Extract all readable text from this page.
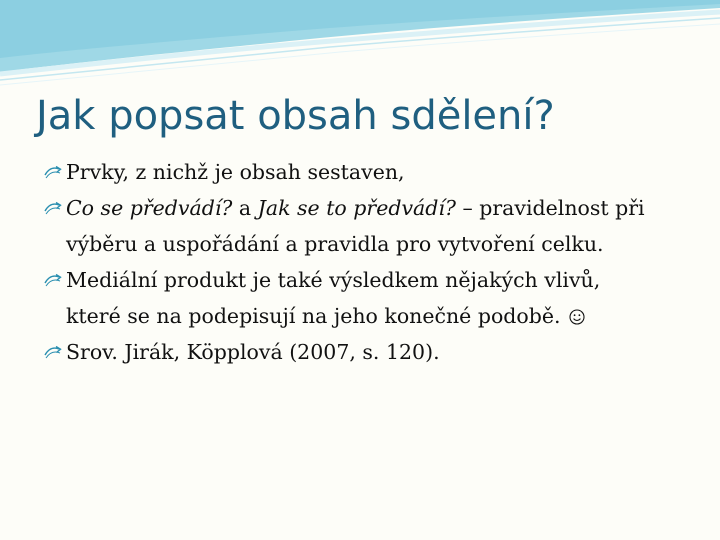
Jak popsat obsah sdělení?
Prvky, z nichž je obsah sestaven,
Co se předvádí? a Jak se to předvádí? – pravidelnost při
výběru a uspořádání a pravidla pro vytvoření celku.
Mediální produkt je také výsledkem nějakých vlivů,
které se na podepisují na jeho konečné podobě.
Srov. Jirák, Köpplová (2007, s. 120).
